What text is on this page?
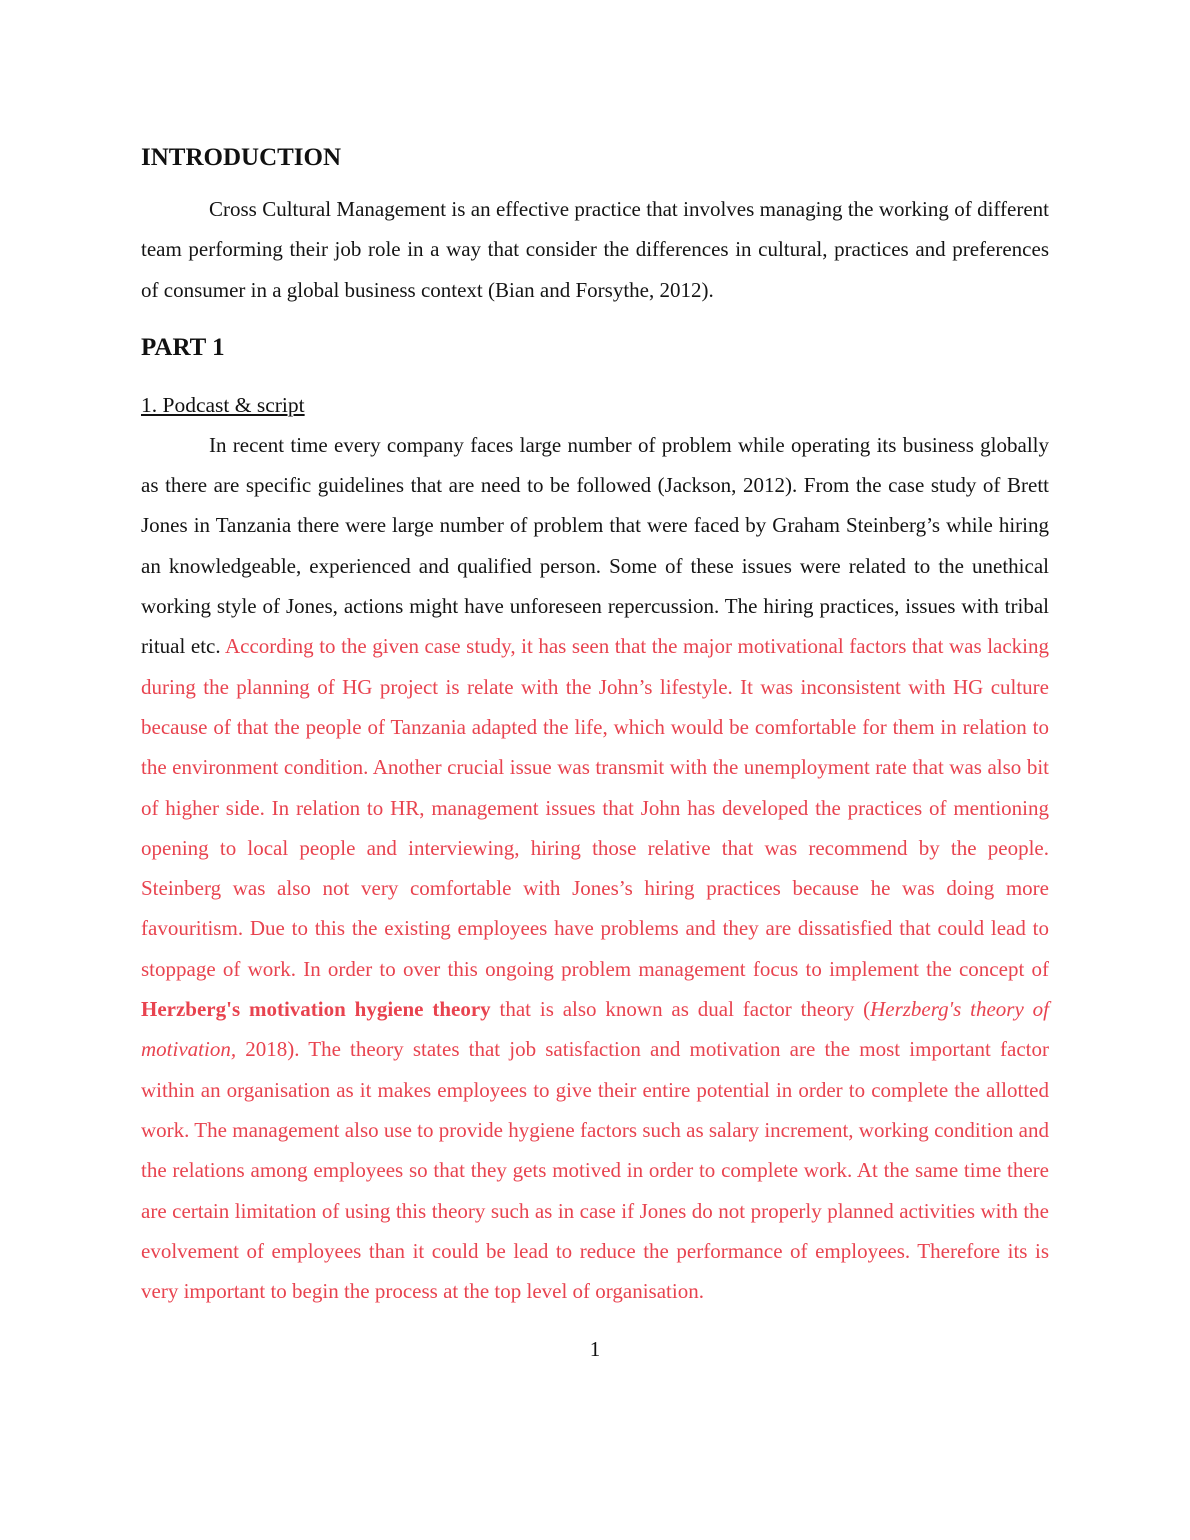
INTRODUCTION

Cross Cultural Management is an effective practice that involves managing the working of different team performing their job role in a way that consider the differences in cultural, practices and preferences of consumer in a global business context (Bian and Forsythe, 2012).

PART 1
1. Podcast & script

In recent time every company faces large number of problem while operating its business globally as there are specific guidelines that are need to be followed (Jackson, 2012). From the case study of Brett Jones in Tanzania there were large number of problem that were faced by Graham Steinberg’s while hiring an knowledgeable, experienced and qualified person. Some of these issues were related to the unethical working style of Jones, actions might have unforeseen repercussion. The hiring practices, issues with tribal ritual etc. According to the given case study, it has seen that the major motivational factors that was lacking during the planning of HG project is relate with the John’s lifestyle. It was inconsistent with HG culture because of that the people of Tanzania adapted the life, which would be comfortable for them in relation to the environment condition. Another crucial issue was transmit with the unemployment rate that was also bit of higher side. In relation to HR, management issues that John has developed the practices of mentioning opening to local people and interviewing, hiring those relative that was recommend by the people. Steinberg was also not very comfortable with Jones’s hiring practices because he was doing more favouritism. Due to this the existing employees have problems and they are dissatisfied that could lead to stoppage of work. In order to over this ongoing problem management focus to implement the concept of Herzberg's motivation hygiene theory that is also known as dual factor theory (Herzberg's theory of motivation, 2018). The theory states that job satisfaction and motivation are the most important factor within an organisation as it makes employees to give their entire potential in order to complete the allotted work. The management also use to provide hygiene factors such as salary increment, working condition and the relations among employees so that they gets motived in order to complete work. At the same time there are certain limitation of using this theory such as in case if Jones do not properly planned activities with the evolvement of employees than it could be lead to reduce the performance of employees. Therefore its is very important to begin the process at the top level of organisation.

1
